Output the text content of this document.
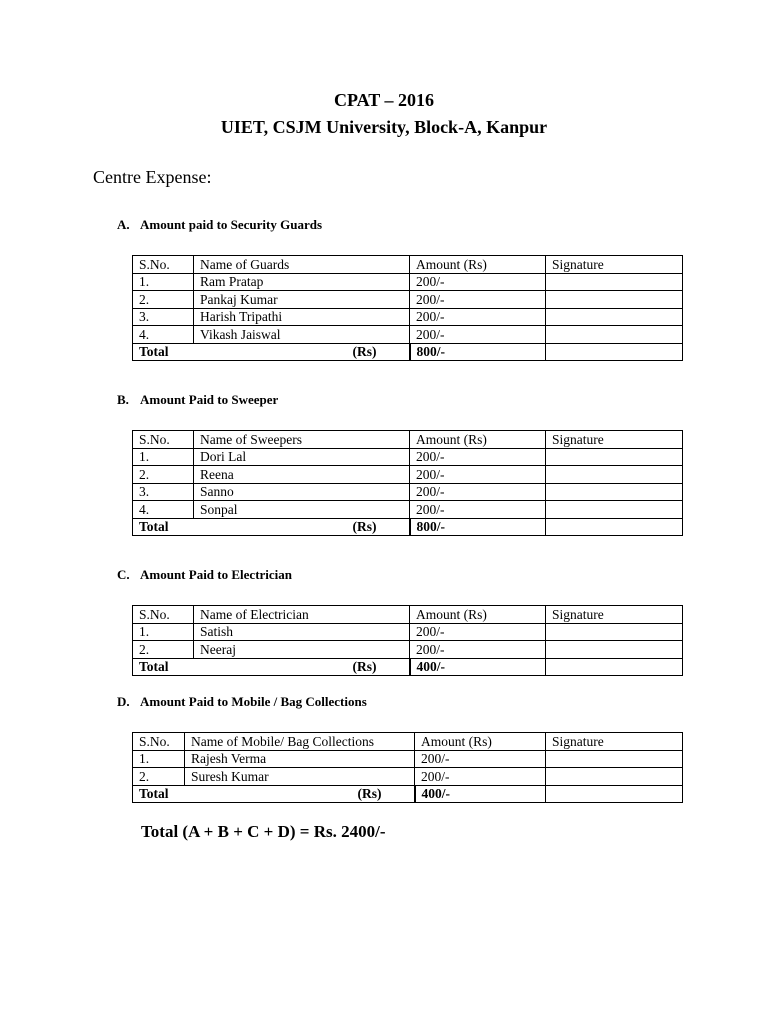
CPAT – 2016
UIET, CSJM University, Block-A, Kanpur
Centre Expense:
A. Amount paid to Security Guards
S.No.	Name of Guards	Amount (Rs)	Signature
1.	Ram Pratap	200/-	
2.	Pankaj Kumar	200/-	
3.	Harish Tripathi	200/-	
4.	Vikash Jaiswal	200/-	
Total (Rs)		800/-	
B. Amount Paid to Sweeper
S.No.	Name of Sweepers	Amount (Rs)	Signature
1.	Dori Lal	200/-	
2.	Reena	200/-	
3.	Sanno	200/-	
4.	Sonpal	200/-	
Total (Rs)		800/-	
C. Amount Paid to Electrician
S.No.	Name of Electrician	Amount (Rs)	Signature
1.	Satish	200/-	
2.	Neeraj	200/-	
Total (Rs)		400/-	
D. Amount Paid to Mobile / Bag Collections
S.No.	Name of Mobile/ Bag Collections	Amount (Rs)	Signature
1.	Rajesh Verma	200/-	
2.	Suresh Kumar	200/-	
Total (Rs)		400/-	
Total (A + B + C + D) = Rs. 2400/-
